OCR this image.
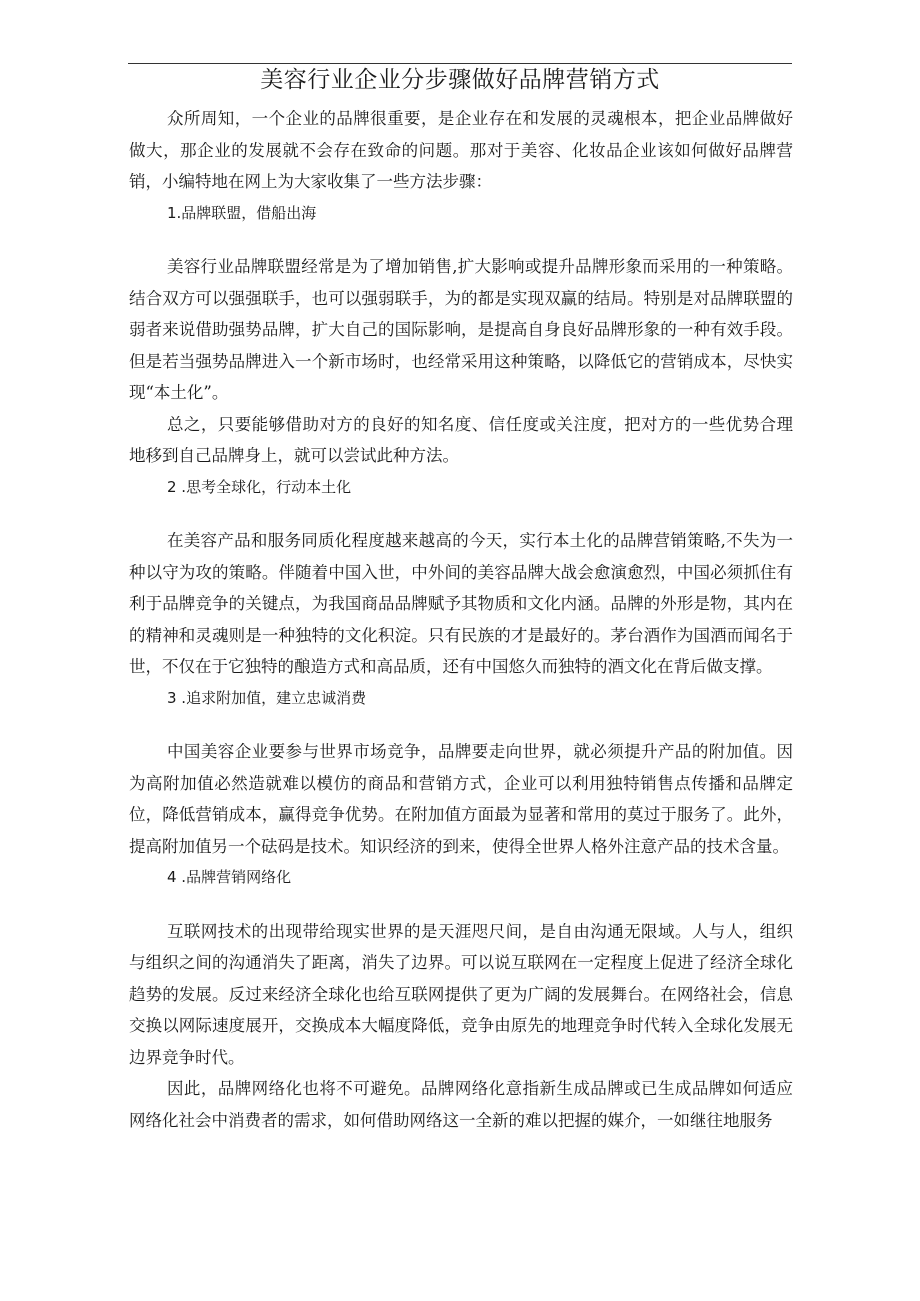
美容行业企业分步骤做好品牌营销方式

众所周知，一个企业的品牌很重要，是企业存在和发展的灵魂根本，把企业品牌做好做大，那企业的发展就不会存在致命的问题。那对于美容、化妆品企业该如何做好品牌营销，小编特地在网上为大家收集了一些方法步骤：

1.品牌联盟，借船出海

美容行业品牌联盟经常是为了增加销售,扩大影响或提升品牌形象而采用的一种策略。结合双方可以强强联手，也可以强弱联手，为的都是实现双赢的结局。特别是对品牌联盟的弱者来说借助强势品牌，扩大自己的国际影响，是提高自身良好品牌形象的一种有效手段。但是若当强势品牌进入一个新市场时，也经常采用这种策略，以降低它的营销成本，尽快实现“本土化”。

总之，只要能够借助对方的良好的知名度、信任度或关注度，把对方的一些优势合理地移到自己品牌身上，就可以尝试此种方法。

2 .思考全球化，行动本土化

在美容产品和服务同质化程度越来越高的今天，实行本土化的品牌营销策略,不失为一种以守为攻的策略。伴随着中国入世，中外间的美容品牌大战会愈演愈烈，中国必须抓住有利于品牌竞争的关键点，为我国商品品牌赋予其物质和文化内涵。品牌的外形是物，其内在的精神和灵魂则是一种独特的文化积淀。只有民族的才是最好的。茅台酒作为国酒而闻名于世，不仅在于它独特的酿造方式和高品质，还有中国悠久而独特的酒文化在背后做支撑。

3 .追求附加值，建立忠诚消费

中国美容企业要参与世界市场竞争，品牌要走向世界，就必须提升产品的附加值。因为高附加值必然造就难以模仿的商品和营销方式，企业可以利用独特销售点传播和品牌定位，降低营销成本，赢得竞争优势。在附加值方面最为显著和常用的莫过于服务了。此外，提高附加值另一个砝码是技术。知识经济的到来，使得全世界人格外注意产品的技术含量。

4 .品牌营销网络化

互联网技术的出现带给现实世界的是天涯咫尺间，是自由沟通无限域。人与人，组织与组织之间的沟通消失了距离，消失了边界。可以说互联网在一定程度上促进了经济全球化趋势的发展。反过来经济全球化也给互联网提供了更为广阔的发展舞台。在网络社会，信息交换以网际速度展开，交换成本大幅度降低，竞争由原先的地理竞争时代转入全球化发展无边界竞争时代。

因此，品牌网络化也将不可避免。品牌网络化意指新生成品牌或已生成品牌如何适应网络化社会中消费者的需求，如何借助网络这一全新的难以把握的媒介，一如继往地服务
